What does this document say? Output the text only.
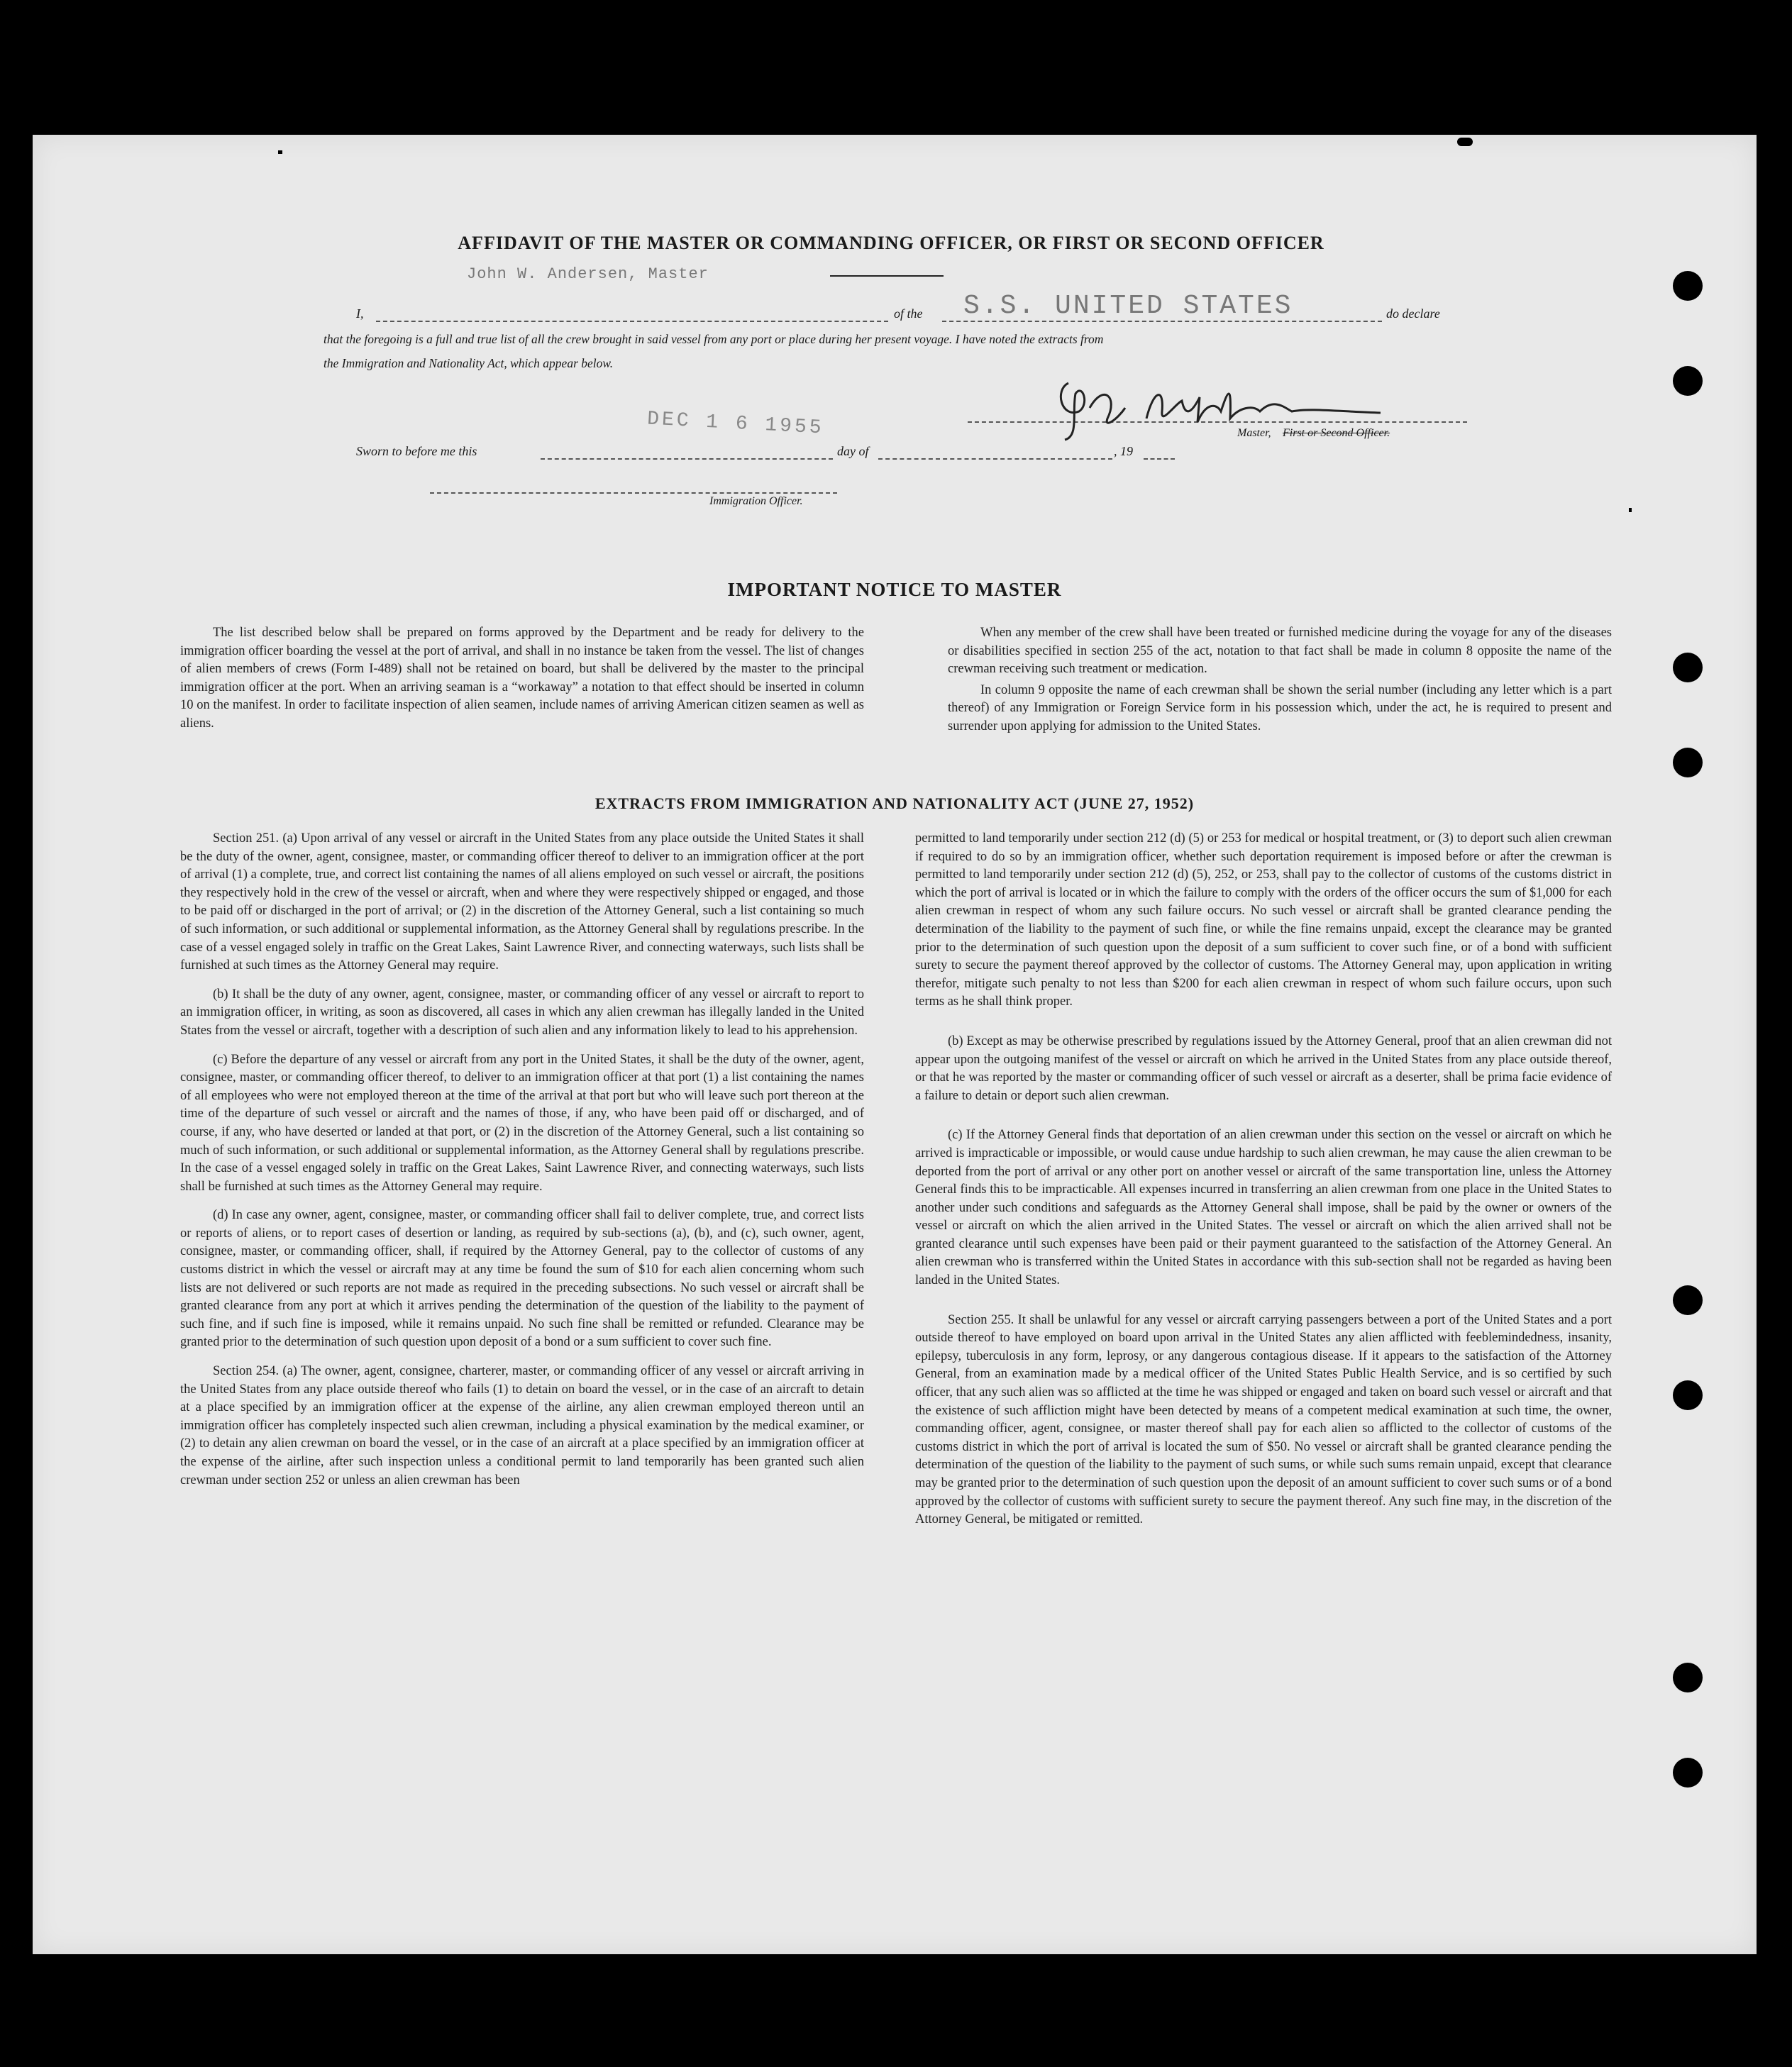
AFFIDAVIT OF THE MASTER OR COMMANDING OFFICER, OR FIRST OR SECOND OFFICER
John W. Andersen, Master
I,	of the S.S. UNITED STATES	do declare
that the foregoing is a full and true list of all the crew brought in said vessel from any port or place during her present voyage. I have noted the extracts from
the Immigration and Nationality Act, which appear below.
DEC 1 6 1955	Master, First or Second Officer.
Sworn to before me this	day of	, 19
Immigration Officer.
IMPORTANT NOTICE TO MASTER

The list described below shall be prepared on forms approved by the Department and be ready for delivery to the immigration officer boarding the vessel at the port of arrival, and shall in no instance be taken from the vessel. The list of changes of alien members of crews (Form I-489) shall not be retained on board, but shall be delivered by the master to the principal immigration officer at the port. When an arriving seaman is a “workaway” a notation to that effect should be inserted in column 10 on the manifest. In order to facilitate inspection of alien seamen, include names of arriving American citizen seamen as well as aliens.

When any member of the crew shall have been treated or furnished medicine during the voyage for any of the diseases or disabilities specified in section 255 of the act, notation to that fact shall be made in column 8 opposite the name of the crewman receiving such treatment or medication.

In column 9 opposite the name of each crewman shall be shown the serial number (including any letter which is a part thereof) of any Immigration or Foreign Service form in his possession which, under the act, he is required to present and surrender upon applying for admission to the United States.

EXTRACTS FROM IMMIGRATION AND NATIONALITY ACT (JUNE 27, 1952)

Section 251. (a) Upon arrival of any vessel or aircraft in the United States from any place outside the United States it shall be the duty of the owner, agent, consignee, master, or commanding officer thereof to deliver to an immigration officer at the port of arrival (1) a complete, true, and correct list containing the names of all aliens employed on such vessel or aircraft, the positions they respectively hold in the crew of the vessel or aircraft, when and where they were respectively shipped or engaged, and those to be paid off or discharged in the port of arrival; or (2) in the discretion of the Attorney General, such a list containing so much of such information, or such additional or supplemental information, as the Attorney General shall by regulations prescribe. In the case of a vessel engaged solely in traffic on the Great Lakes, Saint Lawrence River, and connecting waterways, such lists shall be furnished at such times as the Attorney General may require.

(b) It shall be the duty of any owner, agent, consignee, master, or commanding officer of any vessel or aircraft to report to an immigration officer, in writing, as soon as discovered, all cases in which any alien crewman has illegally landed in the United States from the vessel or aircraft, together with a description of such alien and any information likely to lead to his apprehension.

(c) Before the departure of any vessel or aircraft from any port in the United States, it shall be the duty of the owner, agent, consignee, master, or commanding officer thereof, to deliver to an immigration officer at that port (1) a list containing the names of all employees who were not employed thereon at the time of the arrival at that port but who will leave such port thereon at the time of the departure of such vessel or aircraft and the names of those, if any, who have been paid off or discharged, and of course, if any, who have deserted or landed at that port, or (2) in the discretion of the Attorney General, such a list containing so much of such information, or such additional or supplemental information, as the Attorney General shall by regulations prescribe. In the case of a vessel engaged solely in traffic on the Great Lakes, Saint Lawrence River, and connecting waterways, such lists shall be furnished at such times as the Attorney General may require.

(d) In case any owner, agent, consignee, master, or commanding officer shall fail to deliver complete, true, and correct lists or reports of aliens, or to report cases of desertion or landing, as required by sub-sections (a), (b), and (c), such owner, agent, consignee, master, or commanding officer, shall, if required by the Attorney General, pay to the collector of customs of any customs district in which the vessel or aircraft may at any time be found the sum of $10 for each alien concerning whom such lists are not delivered or such reports are not made as required in the preceding subsections. No such vessel or aircraft shall be granted clearance from any port at which it arrives pending the determination of the question of the liability to the payment of such fine, and if such fine is imposed, while it remains unpaid. No such fine shall be remitted or refunded. Clearance may be granted prior to the determination of such question upon deposit of a bond or a sum sufficient to cover such fine.

Section 254. (a) The owner, agent, consignee, charterer, master, or commanding officer of any vessel or aircraft arriving in the United States from any place outside thereof who fails (1) to detain on board the vessel, or in the case of an aircraft to detain at a place specified by an immigration officer at the expense of the airline, any alien crewman employed thereon until an immigration officer has completely inspected such alien crewman, including a physical examination by the medical examiner, or (2) to detain any alien crewman on board the vessel, or in the case of an aircraft at a place specified by an immigration officer at the expense of the airline, after such inspection unless a conditional permit to land temporarily has been granted such alien crewman under section 252 or unless an alien crewman has been

permitted to land temporarily under section 212 (d) (5) or 253 for medical or hospital treatment, or (3) to deport such alien crewman if required to do so by an immigration officer, whether such deportation requirement is imposed before or after the crewman is permitted to land temporarily under section 212 (d) (5), 252, or 253, shall pay to the collector of customs of the customs district in which the port of arrival is located or in which the failure to comply with the orders of the officer occurs the sum of $1,000 for each alien crewman in respect of whom any such failure occurs. No such vessel or aircraft shall be granted clearance pending the determination of the liability to the payment of such fine, or while the fine remains unpaid, except the clearance may be granted prior to the determination of such question upon the deposit of a sum sufficient to cover such fine, or of a bond with sufficient surety to secure the payment thereof approved by the collector of customs. The Attorney General may, upon application in writing therefor, mitigate such penalty to not less than $200 for each alien crewman in respect of whom such failure occurs, upon such terms as he shall think proper.

(b) Except as may be otherwise prescribed by regulations issued by the Attorney General, proof that an alien crewman did not appear upon the outgoing manifest of the vessel or aircraft on which he arrived in the United States from any place outside thereof, or that he was reported by the master or commanding officer of such vessel or aircraft as a deserter, shall be prima facie evidence of a failure to detain or deport such alien crewman.

(c) If the Attorney General finds that deportation of an alien crewman under this section on the vessel or aircraft on which he arrived is impracticable or impossible, or would cause undue hardship to such alien crewman, he may cause the alien crewman to be deported from the port of arrival or any other port on another vessel or aircraft of the same transportation line, unless the Attorney General finds this to be impracticable. All expenses incurred in transferring an alien crewman from one place in the United States to another under such conditions and safeguards as the Attorney General shall impose, shall be paid by the owner or owners of the vessel or aircraft on which the alien arrived in the United States. The vessel or aircraft on which the alien arrived shall not be granted clearance until such expenses have been paid or their payment guaranteed to the satisfaction of the Attorney General. An alien crewman who is transferred within the United States in accordance with this sub-section shall not be regarded as having been landed in the United States.

Section 255. It shall be unlawful for any vessel or aircraft carrying passengers between a port of the United States and a port outside thereof to have employed on board upon arrival in the United States any alien afflicted with feeblemindedness, insanity, epilepsy, tuberculosis in any form, leprosy, or any dangerous contagious disease. If it appears to the satisfaction of the Attorney General, from an examination made by a medical officer of the United States Public Health Service, and is so certified by such officer, that any such alien was so afflicted at the time he was shipped or engaged and taken on board such vessel or aircraft and that the existence of such affliction might have been detected by means of a competent medical examination at such time, the owner, commanding officer, agent, consignee, or master thereof shall pay for each alien so afflicted to the collector of customs of the customs district in which the port of arrival is located the sum of $50. No vessel or aircraft shall be granted clearance pending the determination of the question of the liability to the payment of such sums, or while such sums remain unpaid, except that clearance may be granted prior to the determination of such question upon the deposit of an amount sufficient to cover such sums or of a bond approved by the collector of customs with sufficient surety to secure the payment thereof. Any such fine may, in the discretion of the Attorney General, be mitigated or remitted.
